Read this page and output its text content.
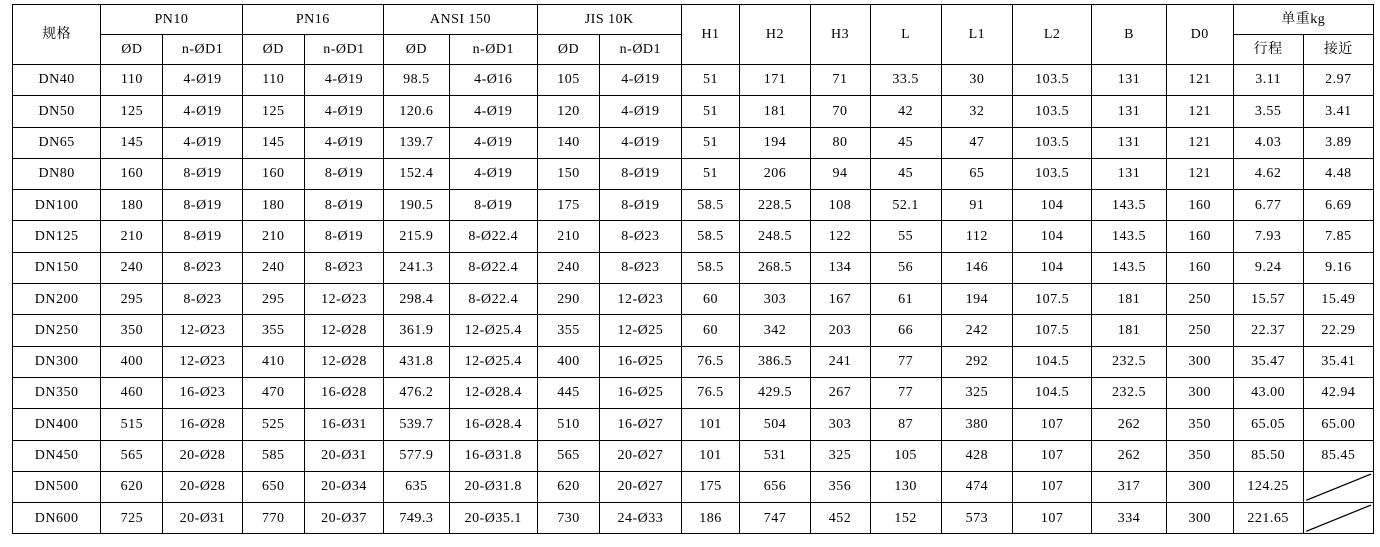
规格	PN10		PN16		ANSI 150		JIS 10K		H1	H2	H3	L	L1	L2	B	D0	单重kg	
	ØD	n-ØD1	ØD	n-ØD1	ØD	n-ØD1	ØD	n-ØD1									行程	接近
DN40	110	4-Ø19	110	4-Ø19	98.5	4-Ø16	105	4-Ø19	51	171	71	33.5	30	103.5	131	121	3.11	2.97
DN50	125	4-Ø19	125	4-Ø19	120.6	4-Ø19	120	4-Ø19	51	181	70	42	32	103.5	131	121	3.55	3.41
DN65	145	4-Ø19	145	4-Ø19	139.7	4-Ø19	140	4-Ø19	51	194	80	45	47	103.5	131	121	4.03	3.89
DN80	160	8-Ø19	160	8-Ø19	152.4	4-Ø19	150	8-Ø19	51	206	94	45	65	103.5	131	121	4.62	4.48
DN100	180	8-Ø19	180	8-Ø19	190.5	8-Ø19	175	8-Ø19	58.5	228.5	108	52.1	91	104	143.5	160	6.77	6.69
DN125	210	8-Ø19	210	8-Ø19	215.9	8-Ø22.4	210	8-Ø23	58.5	248.5	122	55	112	104	143.5	160	7.93	7.85
DN150	240	8-Ø23	240	8-Ø23	241.3	8-Ø22.4	240	8-Ø23	58.5	268.5	134	56	146	104	143.5	160	9.24	9.16
DN200	295	8-Ø23	295	12-Ø23	298.4	8-Ø22.4	290	12-Ø23	60	303	167	61	194	107.5	181	250	15.57	15.49
DN250	350	12-Ø23	355	12-Ø28	361.9	12-Ø25.4	355	12-Ø25	60	342	203	66	242	107.5	181	250	22.37	22.29
DN300	400	12-Ø23	410	12-Ø28	431.8	12-Ø25.4	400	16-Ø25	76.5	386.5	241	77	292	104.5	232.5	300	35.47	35.41
DN350	460	16-Ø23	470	16-Ø28	476.2	12-Ø28.4	445	16-Ø25	76.5	429.5	267	77	325	104.5	232.5	300	43.00	42.94
DN400	515	16-Ø28	525	16-Ø31	539.7	16-Ø28.4	510	16-Ø27	101	504	303	87	380	107	262	350	65.05	65.00
DN450	565	20-Ø28	585	20-Ø31	577.9	16-Ø31.8	565	20-Ø27	101	531	325	105	428	107	262	350	85.50	85.45
DN500	620	20-Ø28	650	20-Ø34	635	20-Ø31.8	620	20-Ø27	175	656	356	130	474	107	317	300	124.25	

DN600	725	20-Ø31	770	20-Ø37	749.3	20-Ø35.1	730	24-Ø33	186	747	452	152	573	107	334	300	221.65	
